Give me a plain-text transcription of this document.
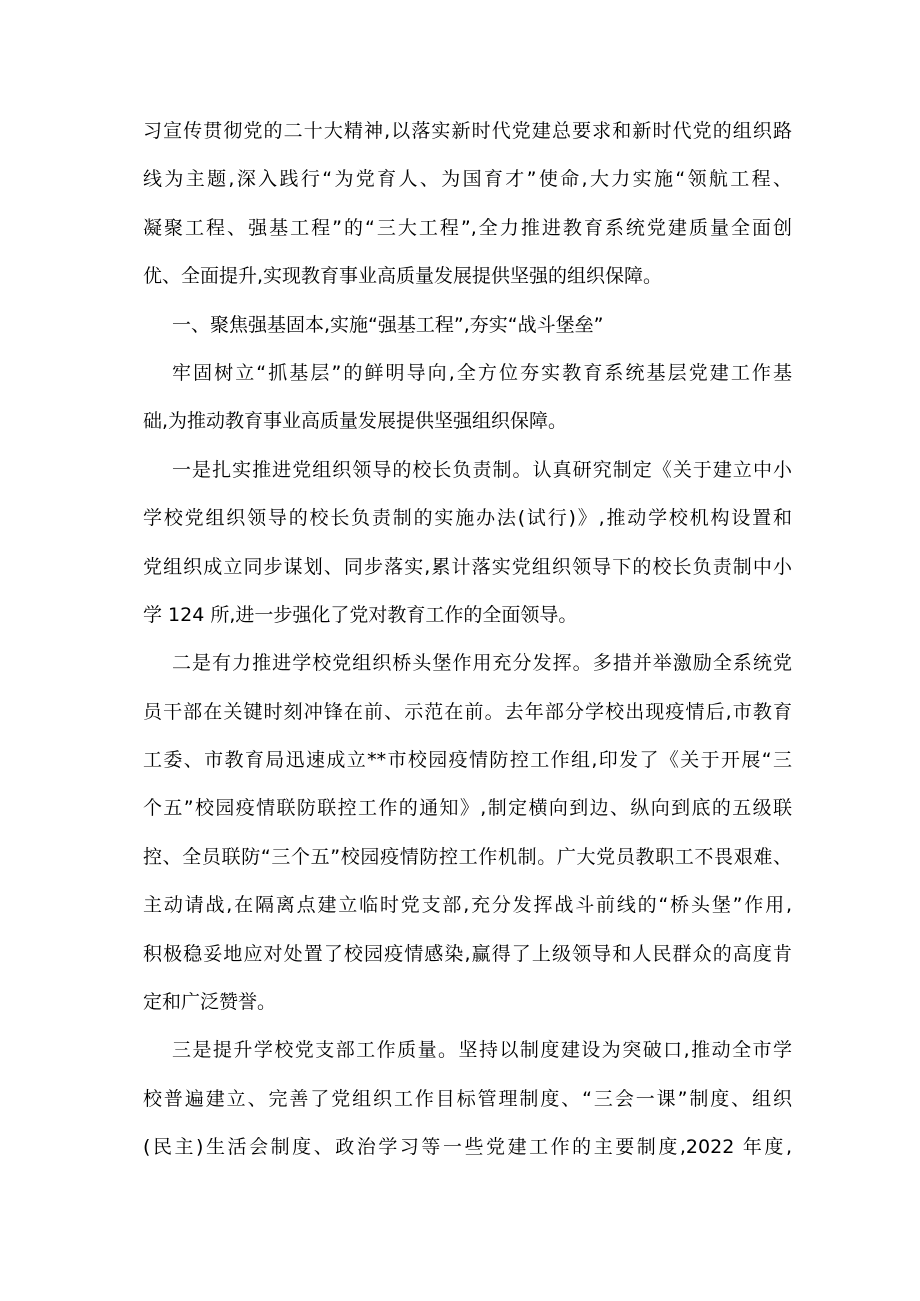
习宣传贯彻党的二十大精神,以落实新时代党建总要求和新时代党的组织路
线为主题,深入践行“为党育人、为国育才”使命,大力实施“领航工程、
凝聚工程、强基工程”的“三大工程”,全力推进教育系统党建质量全面创
优、全面提升,实现教育事业高质量发展提供坚强的组织保障。
一、聚焦强基固本,实施“强基工程”,夯实“战斗堡垒”
牢固树立“抓基层”的鲜明导向,全方位夯实教育系统基层党建工作基
础,为推动教育事业高质量发展提供坚强组织保障。
一是扎实推进党组织领导的校长负责制。认真研究制定《关于建立中小
学校党组织领导的校长负责制的实施办法(试行)》,推动学校机构设置和
党组织成立同步谋划、同步落实,累计落实党组织领导下的校长负责制中小
学 124 所,进一步强化了党对教育工作的全面领导。
二是有力推进学校党组织桥头堡作用充分发挥。多措并举激励全系统党
员干部在关键时刻冲锋在前、示范在前。去年部分学校出现疫情后,市教育
工委、市教育局迅速成立**市校园疫情防控工作组,印发了《关于开展“三
个五”校园疫情联防联控工作的通知》,制定横向到边、纵向到底的五级联
控、全员联防“三个五”校园疫情防控工作机制。广大党员教职工不畏艰难、
主动请战,在隔离点建立临时党支部,充分发挥战斗前线的“桥头堡”作用,
积极稳妥地应对处置了校园疫情感染,赢得了上级领导和人民群众的高度肯
定和广泛赞誉。
三是提升学校党支部工作质量。坚持以制度建设为突破口,推动全市学
校普遍建立、完善了党组织工作目标管理制度、“三会一课”制度、组织
(民主)生活会制度、政治学习等一些党建工作的主要制度,2022 年度,
